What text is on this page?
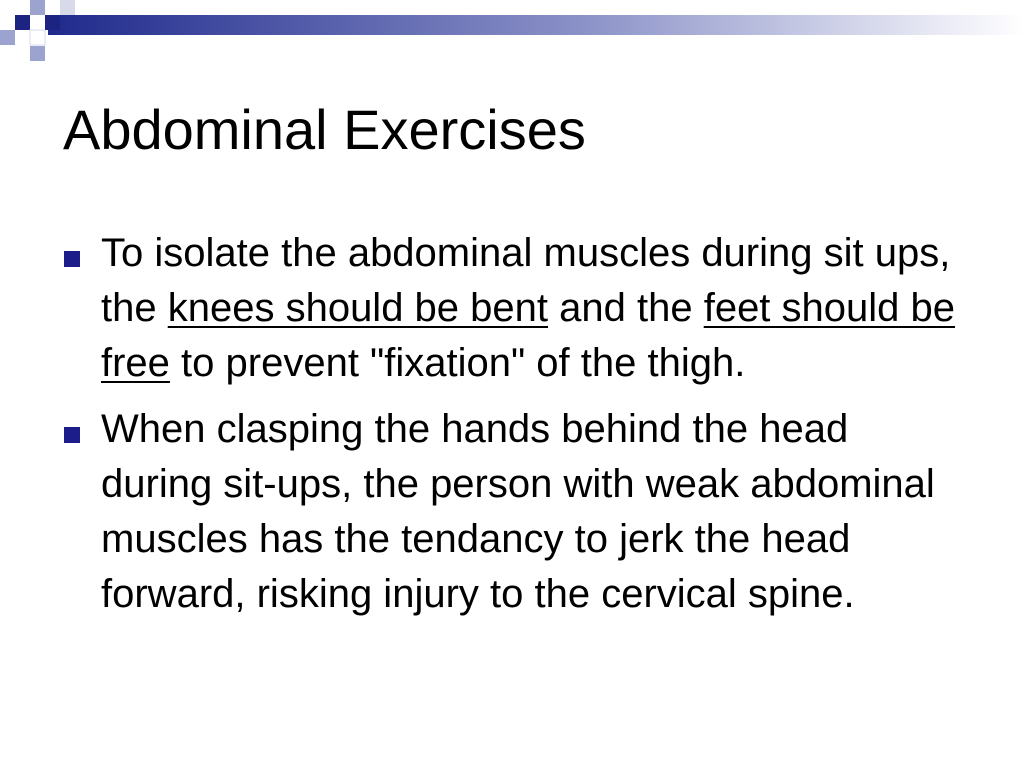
Abdominal Exercises
To isolate the abdominal muscles during sit ups, the knees should be bent and the feet should be free to prevent "fixation" of the thigh.
When clasping the hands behind the head during sit-ups, the person with weak abdominal muscles has the tendancy to jerk the head forward, risking injury to the cervical spine.
